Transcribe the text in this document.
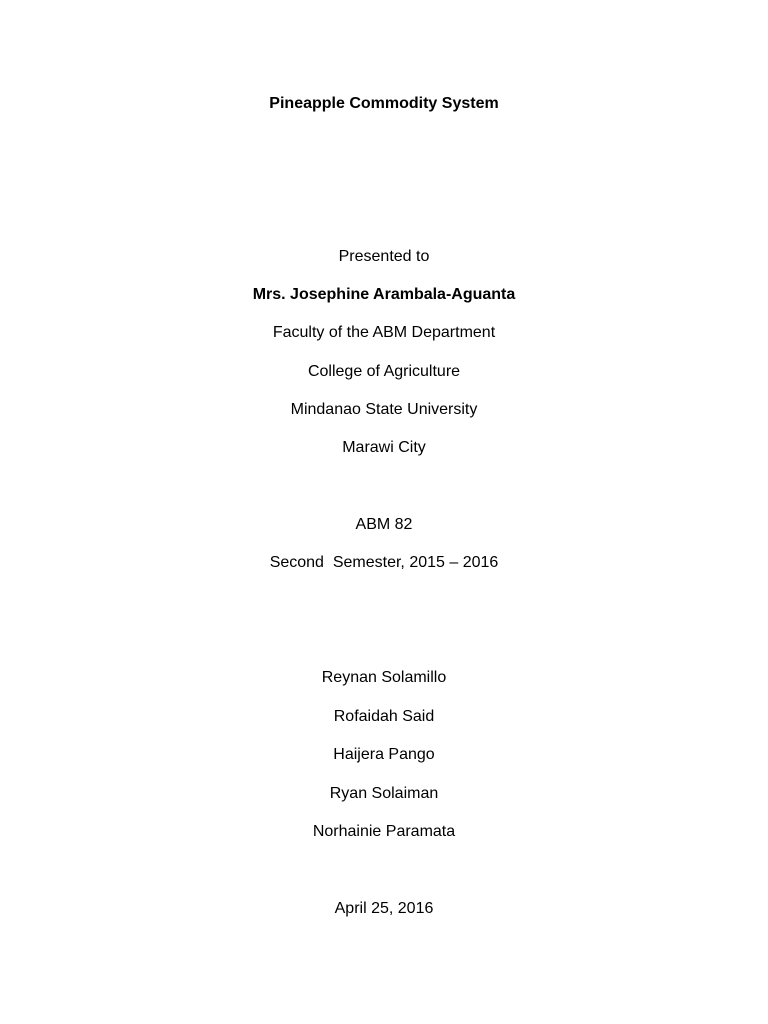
Pineapple Commodity System
Presented to
Mrs. Josephine Arambala-Aguanta
Faculty of the ABM Department
College of Agriculture
Mindanao State University
Marawi City
ABM 82
Second  Semester, 2015 – 2016
Reynan Solamillo
Rofaidah Said
Haijera Pango
Ryan Solaiman
Norhainie Paramata
April 25, 2016
